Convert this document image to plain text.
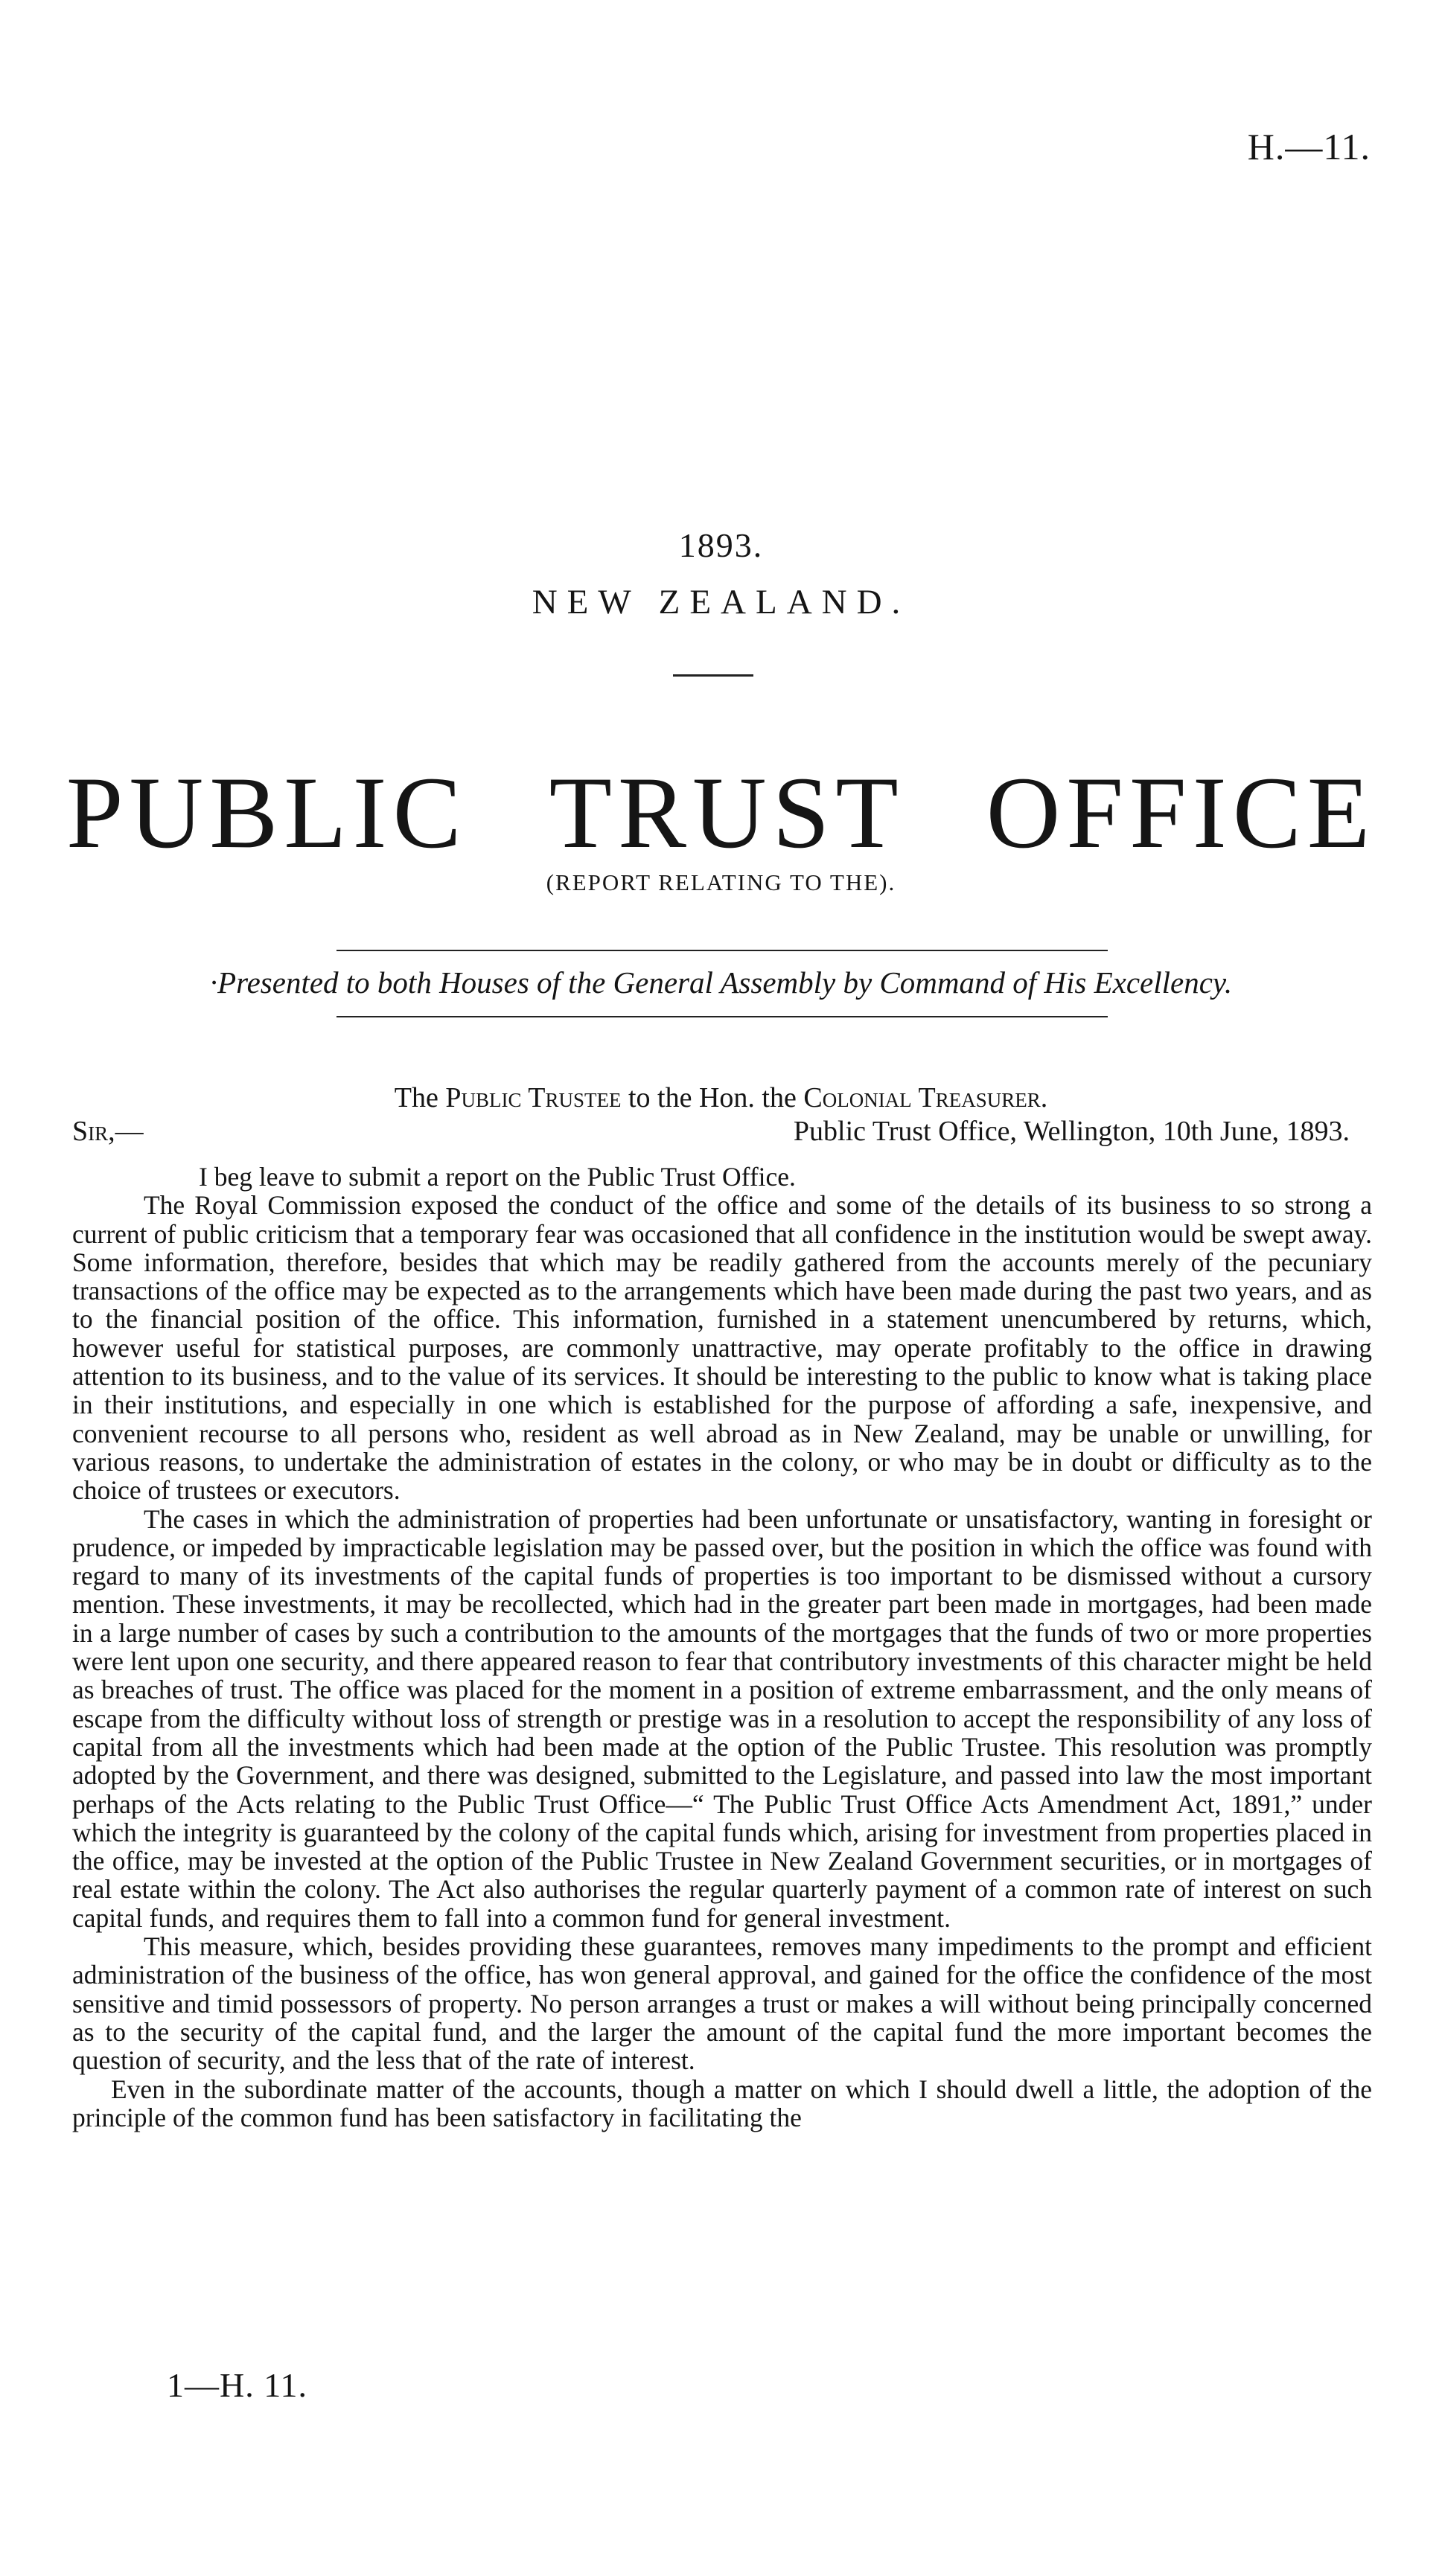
H.—11.
1893.
NEW ZEALAND.
PUBLIC TRUST OFFICE
(REPORT RELATING TO THE).
·Presented to both Houses of the General Assembly by Command of His Excellency.
The Public Trustee to the Hon. the Colonial Treasurer.
Sir,—	Public Trust Office, Wellington, 10th June, 1893.

I beg leave to submit a report on the Public Trust Office.

The Royal Commission exposed the conduct of the office and some of the details of its business to so strong a current of public criticism that a temporary fear was occasioned that all confidence in the institution would be swept away. Some information, therefore, besides that which may be readily gathered from the accounts merely of the pecuniary transactions of the office may be expected as to the arrangements which have been made during the past two years, and as to the financial position of the office. This information, furnished in a statement unencumbered by returns, which, however useful for statistical purposes, are commonly unattractive, may operate profitably to the office in drawing attention to its business, and to the value of its services. It should be interesting to the public to know what is taking place in their institutions, and especially in one which is established for the purpose of affording a safe, inexpensive, and convenient recourse to all persons who, resident as well abroad as in New Zealand, may be unable or unwilling, for various reasons, to undertake the administration of estates in the colony, or who may be in doubt or difficulty as to the choice of trustees or executors.

The cases in which the administration of properties had been unfortunate or unsatisfactory, wanting in foresight or prudence, or impeded by impracticable legislation may be passed over, but the position in which the office was found with regard to many of its investments of the capital funds of properties is too important to be dismissed without a cursory mention. These investments, it may be recollected, which had in the greater part been made in mortgages, had been made in a large number of cases by such a contribution to the amounts of the mortgages that the funds of two or more properties were lent upon one security, and there appeared reason to fear that contributory investments of this character might be held as breaches of trust. The office was placed for the moment in a position of extreme embarrassment, and the only means of escape from the difficulty without loss of strength or prestige was in a resolution to accept the responsibility of any loss of capital from all the investments which had been made at the option of the Public Trustee. This resolution was promptly adopted by the Government, and there was designed, submitted to the Legislature, and passed into law the most important perhaps of the Acts relating to the Public Trust Office—“ The Public Trust Office Acts Amendment Act, 1891,” under which the integrity is guaranteed by the colony of the capital funds which, arising for investment from properties placed in the office, may be invested at the option of the Public Trustee in New Zealand Government securities, or in mortgages of real estate within the colony. The Act also authorises the regular quarterly payment of a common rate of interest on such capital funds, and requires them to fall into a common fund for general investment.

This measure, which, besides providing these guarantees, removes many impediments to the prompt and efficient administration of the business of the office, has won general approval, and gained for the office the confidence of the most sensitive and timid possessors of property. No person arranges a trust or makes a will without being principally concerned as to the security of the capital fund, and the larger the amount of the capital fund the more important becomes the question of security, and the less that of the rate of interest.

Even in the subordinate matter of the accounts, though a matter on which I should dwell a little, the adoption of the principle of the common fund has been satisfactory in facilitating the

1—H. 11.
